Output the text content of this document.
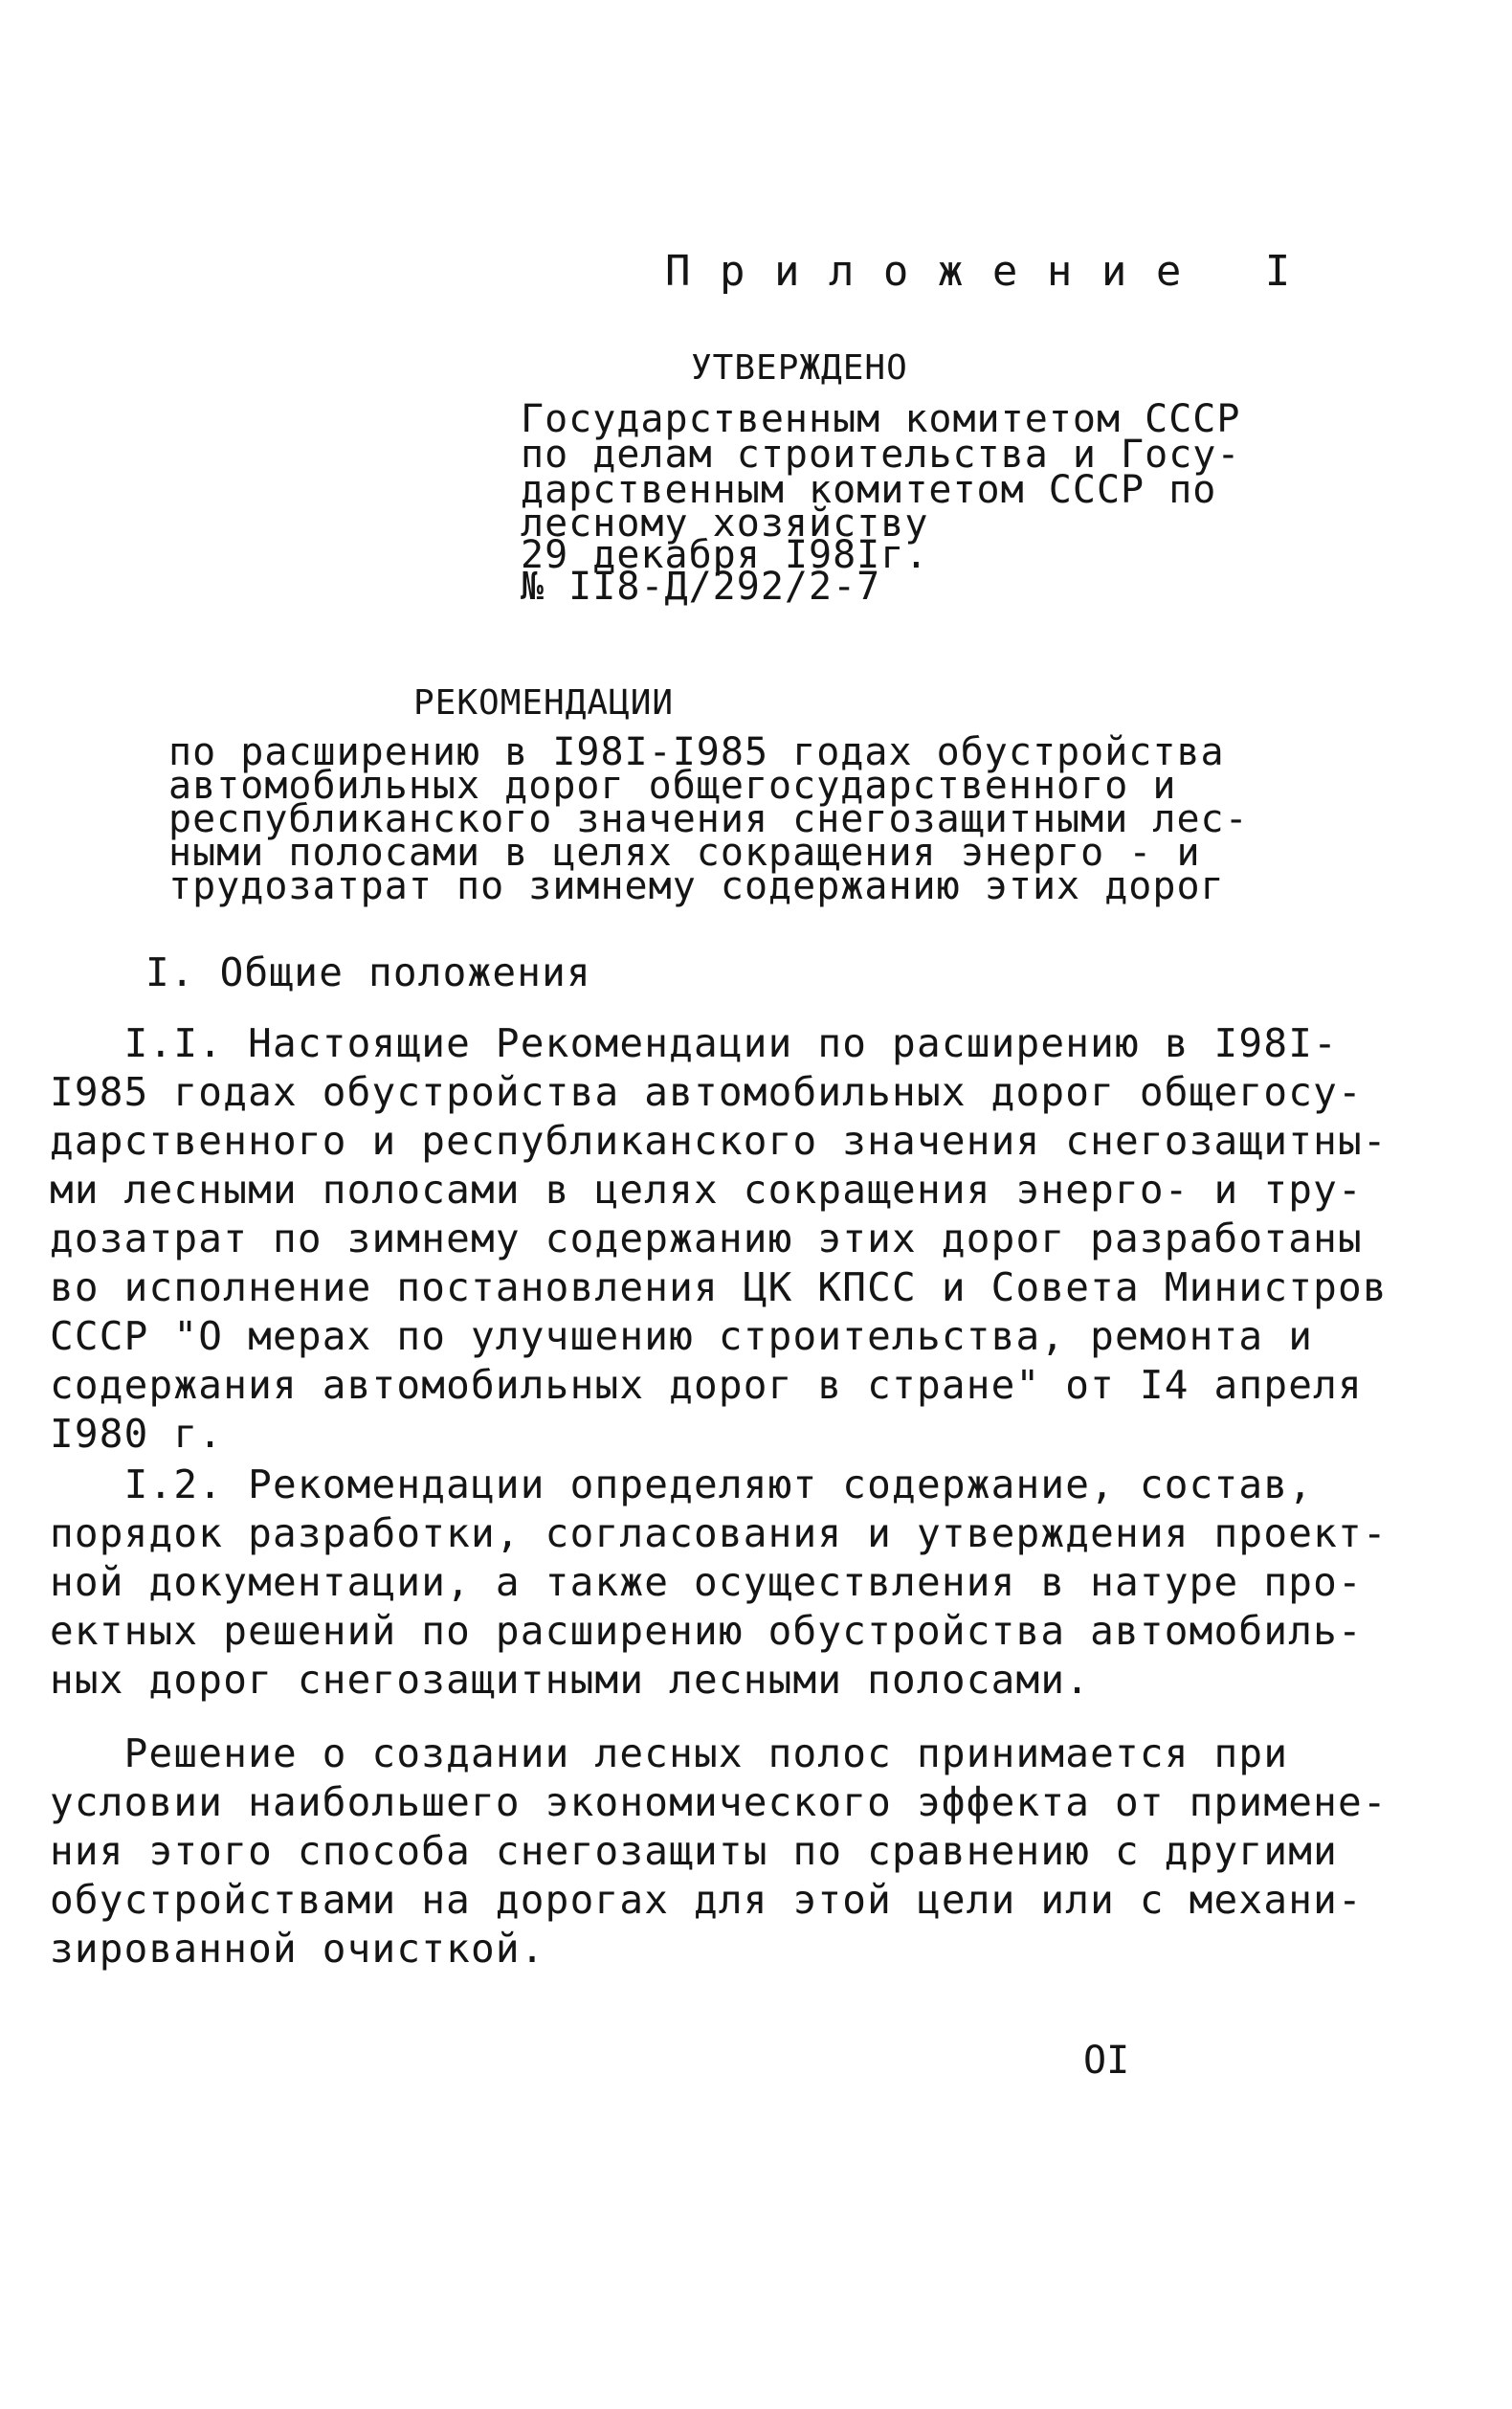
П р и л о ж е н и е   I
УТВЕРЖДЕНО
Государственным комитетом СССР
по делам строительства и Госу-
дарственным комитетом СССР по
лесному хозяйству
29 декабря I98Iг.
№ II8-Д/292/2-7
РЕКОМЕНДАЦИИ
по расширению в I98I-I985 годах обустройства
автомобильных дорог общегосударственного и
республиканского значения снегозащитными лес-
ными полосами в целях сокращения энерго - и
трудозатрат по зимнему содержанию этих дорог
I. Общие положения
I.I. Настоящие Рекомендации по расширению в I98I-
I985 годах обустройства автомобильных дорог общегосу-
дарственного и республиканского значения снегозащитны-
ми лесными полосами в целях сокращения энерго- и тру-
дозатрат по зимнему содержанию этих дорог разработаны
во исполнение постановления ЦК КПСС и Совета Министров
СССР "О мерах по улучшению строительства, ремонта и
содержания автомобильных дорог в стране" от I4 апреля
I980 г.
I.2. Рекомендации определяют содержание, состав,
порядок разработки, согласования и утверждения проект-
ной документации, а также осуществления в натуре про-
ектных решений по расширению обустройства автомобиль-
ных дорог снегозащитными лесными полосами.
Решение о создании лесных полос принимается при
условии наибольшего экономического эффекта от примене-
ния этого способа снегозащиты по сравнению с другими
обустройствами на дорогах для этой цели или с механи-
зированной очисткой.
OI
